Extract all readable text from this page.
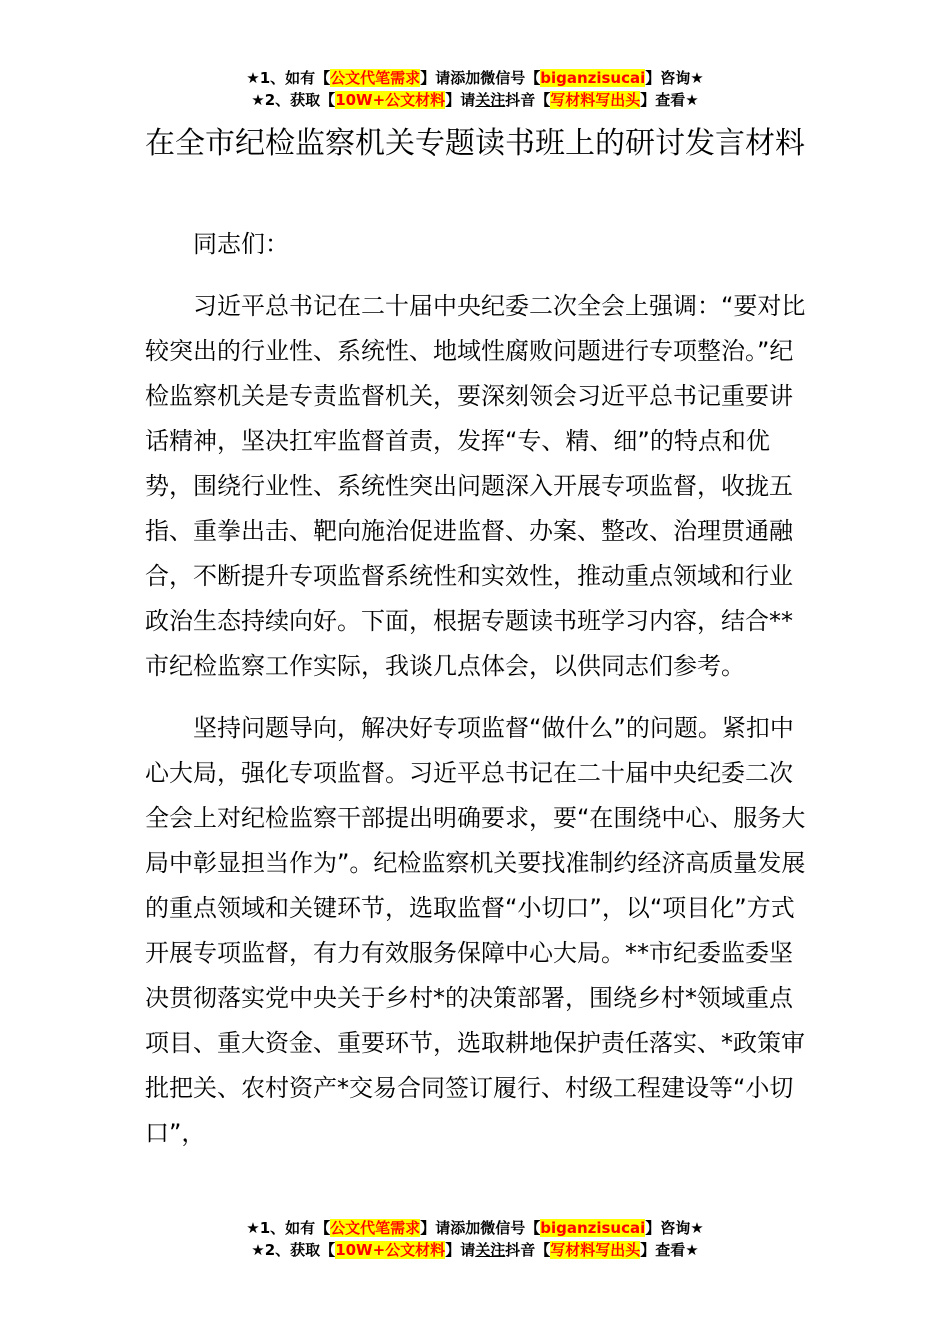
★1、如有【公文代笔需求】请添加微信号【biganzisucai】咨询★
★2、获取【10W+公文材料】请关注抖音【写材料写出头】查看★
在全市纪检监察机关专题读书班上的研讨发言材料

同志们：

习近平总书记在二十届中央纪委二次全会上强调：“要对比较突出的行业性、系统性、地域性腐败问题进行专项整治。”纪检监察机关是专责监督机关，要深刻领会习近平总书记重要讲话精神，坚决扛牢监督首责，发挥“专、精、细”的特点和优势，围绕行业性、系统性突出问题深入开展专项监督，收拢五指、重拳出击、靶向施治促进监督、办案、整改、治理贯通融合，不断提升专项监督系统性和实效性，推动重点领域和行业政治生态持续向好。下面，根据专题读书班学习内容，结合**市纪检监察工作实际，我谈几点体会，以供同志们参考。

坚持问题导向，解决好专项监督“做什么”的问题。紧扣中心大局，强化专项监督。习近平总书记在二十届中央纪委二次全会上对纪检监察干部提出明确要求，要“在围绕中心、服务大局中彰显担当作为”。纪检监察机关要找准制约经济高质量发展的重点领域和关键环节，选取监督“小切口”，以“项目化”方式开展专项监督，有力有效服务保障中心大局。**市纪委监委坚决贯彻落实党中央关于乡村*的决策部署，围绕乡村*领域重点项目、重大资金、重要环节，选取耕地保护责任落实、*政策审批把关、农村资产*交易合同签订履行、村级工程建设等“小切口”，

★1、如有【公文代笔需求】请添加微信号【biganzisucai】咨询★
★2、获取【10W+公文材料】请关注抖音【写材料写出头】查看★
